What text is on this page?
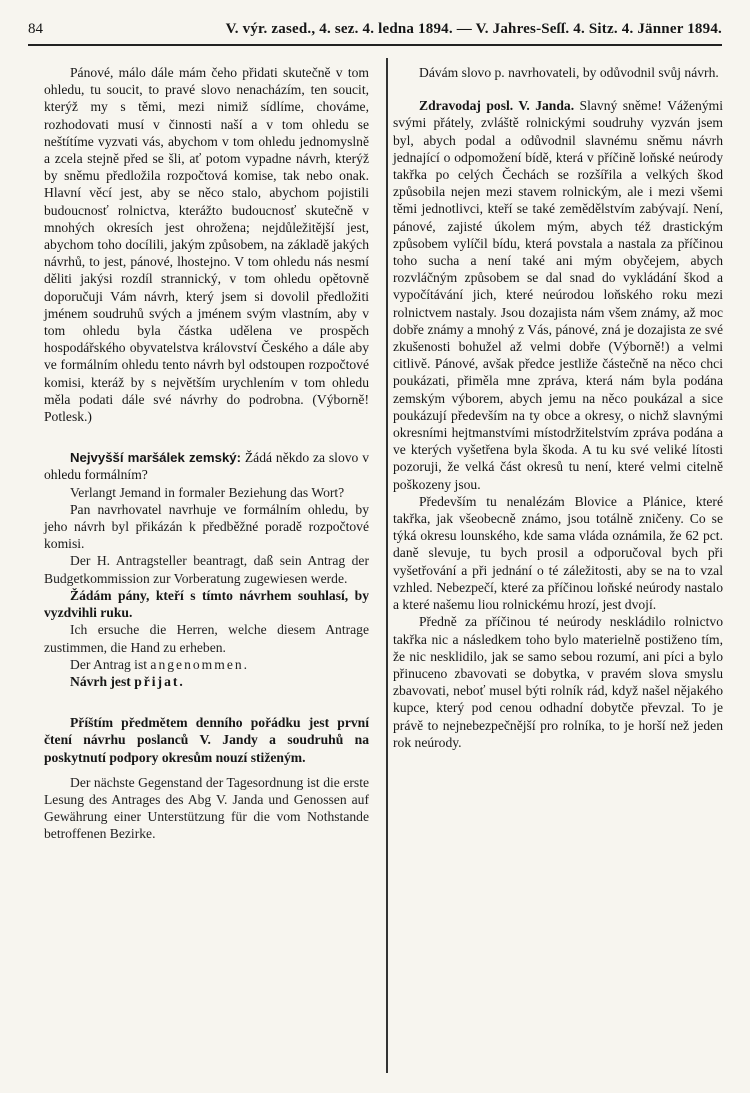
84	V. výr. zased., 4. sez. 4. ledna 1894. — V. Jahres-Seſſ. 4. Sitz. 4. Jänner 1894.

Pánové, málo dále mám čeho přidati skutečně v tom ohledu, tu soucit, to pravé slovo nenacházím, ten soucit, kterýž my s těmi, mezi nimiž sídlíme, chováme, rozhodovati musí v činnosti naší a v tom ohledu se neštítíme vyzvati vás, abychom v tom ohledu jednomyslně a zcela stejně před se šli, ať potom vypadne návrh, kterýž by sněmu předložila rozpočtová komise, tak nebo onak. Hlavní věcí jest, aby se něco stalo, abychom pojistili budoucnosť rolnictva, kterážto budoucnosť skutečně v mnohých okresích jest ohrožena; nejdůležitější jest, abychom toho docílili, jakým způsobem, na základě jakých návrhů, to jest, pánové, lhostejno. V tom ohledu nás nesmí děliti jakýsi rozdíl strannický, v tom ohledu opětovně doporučuji Vám návrh, který jsem si dovolil předložiti jménem soudruhů svých a jménem svým vlastním, aby v tom ohledu byla částka udělena ve prospěch hospodářského obyvatelstva království Českého a dále aby ve formálním ohledu tento návrh byl odstoupen rozpočtové komisi, kteráž by s největším urychlením v tom ohledu měla podati dále své návrhy do podrobna. (Výborně! Potlesk.)

Nejvyšší maršálek zemský: Žádá někdo za slovo v ohledu formálním?

Verlangt Jemand in formaler Beziehung das Wort?

Pan navrhovatel navrhuje ve formálním ohledu, by jeho návrh byl přikázán k předběžné poradě rozpočtové komisi.

Der H. Antragsteller beantragt, daß sein Antrag der Budgetkommission zur Vorberatung zugewiesen werde.

Žádám pány, kteří s tímto návrhem souhlasí, by vyzdvihli ruku.

Ich ersuche die Herren, welche diesem Antrage zustimmen, die Hand zu erheben.

Der Antrag ist angenommen.

Návrh jest přijat.

Příštím předmětem denního pořádku jest první čtení návrhu poslanců V. Jandy a soudruhů na poskytnutí podpory okresům nouzí stiženým.

Der nächste Gegenstand der Tagesordnung ist die erste Lesung des Antrages des Abg V. Janda und Genossen auf Gewährung einer Unterstützung für die vom Nothstande betroffenen Bezirke.

Dávám slovo p. navrhovateli, by odůvodnil svůj návrh.

Zdravodaj posl. V. Janda. Slavný sněme! Váženými svými přátely, zvláště rolnickými soudruhy vyzván jsem byl, abych podal a odůvodnil slavnému sněmu návrh jednající o odpomožení bídě, která v příčině loňské neúrody takřka po celých Čechách se rozšířila a velkých škod způsobila nejen mezi stavem rolnickým, ale i mezi všemi těmi jednotlivci, kteří se také zemědělstvím zabývají. Není, pánové, zajisté úkolem mým, abych též drastickým způsobem vylíčil bídu, která povstala a nastala za příčinou toho sucha a není také ani mým obyčejem, abych rozvláčným způsobem se dal snad do vykládání škod a vypočítávání jich, které neúrodou loňského roku mezi rolnictvem nastaly. Jsou dozajista nám všem známy, až moc dobře známy a mnohý z Vás, pánové, zná je dozajista ze své zkušenosti bohužel až velmi dobře (Výborně!) a velmi citlivě. Pánové, avšak předce jestliže částečně na něco chci poukázati, přiměla mne zpráva, která nám byla podána zemským výborem, abych jemu na něco poukázal a sice poukázují především na ty obce a okresy, o nichž slavnými okresními hejtmanstvími místodržitelstvím zpráva podána a ve kterých vyšetřena byla škoda. A tu ku své veliké lítosti pozoruji, že velká část okresů tu není, které velmi citelně poškozeny jsou.

Především tu nenalézám Blovice a Plánice, které takřka, jak všeobecně známo, jsou totálně zničeny. Co se týká okresu lounského, kde sama vláda oznámila, že 62 pct. daně slevuje, tu bych prosil a odporučoval bych při vyšetřování a při jednání o té záležitosti, aby se na to vzal vzhled. Nebezpečí, které za příčinou loňské neúrody nastalo a které našemu liou rolnickému hrozí, jest dvojí.

Předně za příčinou té neúrody neskládilo rolnictvo takřka nic a následkem toho bylo materielně postiženo tím, že nic nesklidilo, jak se samo sebou rozumí, ani píci a bylo přinuceno zbavovati se dobytka, v pravém slova smyslu zbavovati, neboť musel býti rolník rád, když našel nějakého kupce, který pod cenou odhadní dobytče převzal. To je právě to nejnebezpečnější pro rolníka, to je horší než jeden rok neúrody.
